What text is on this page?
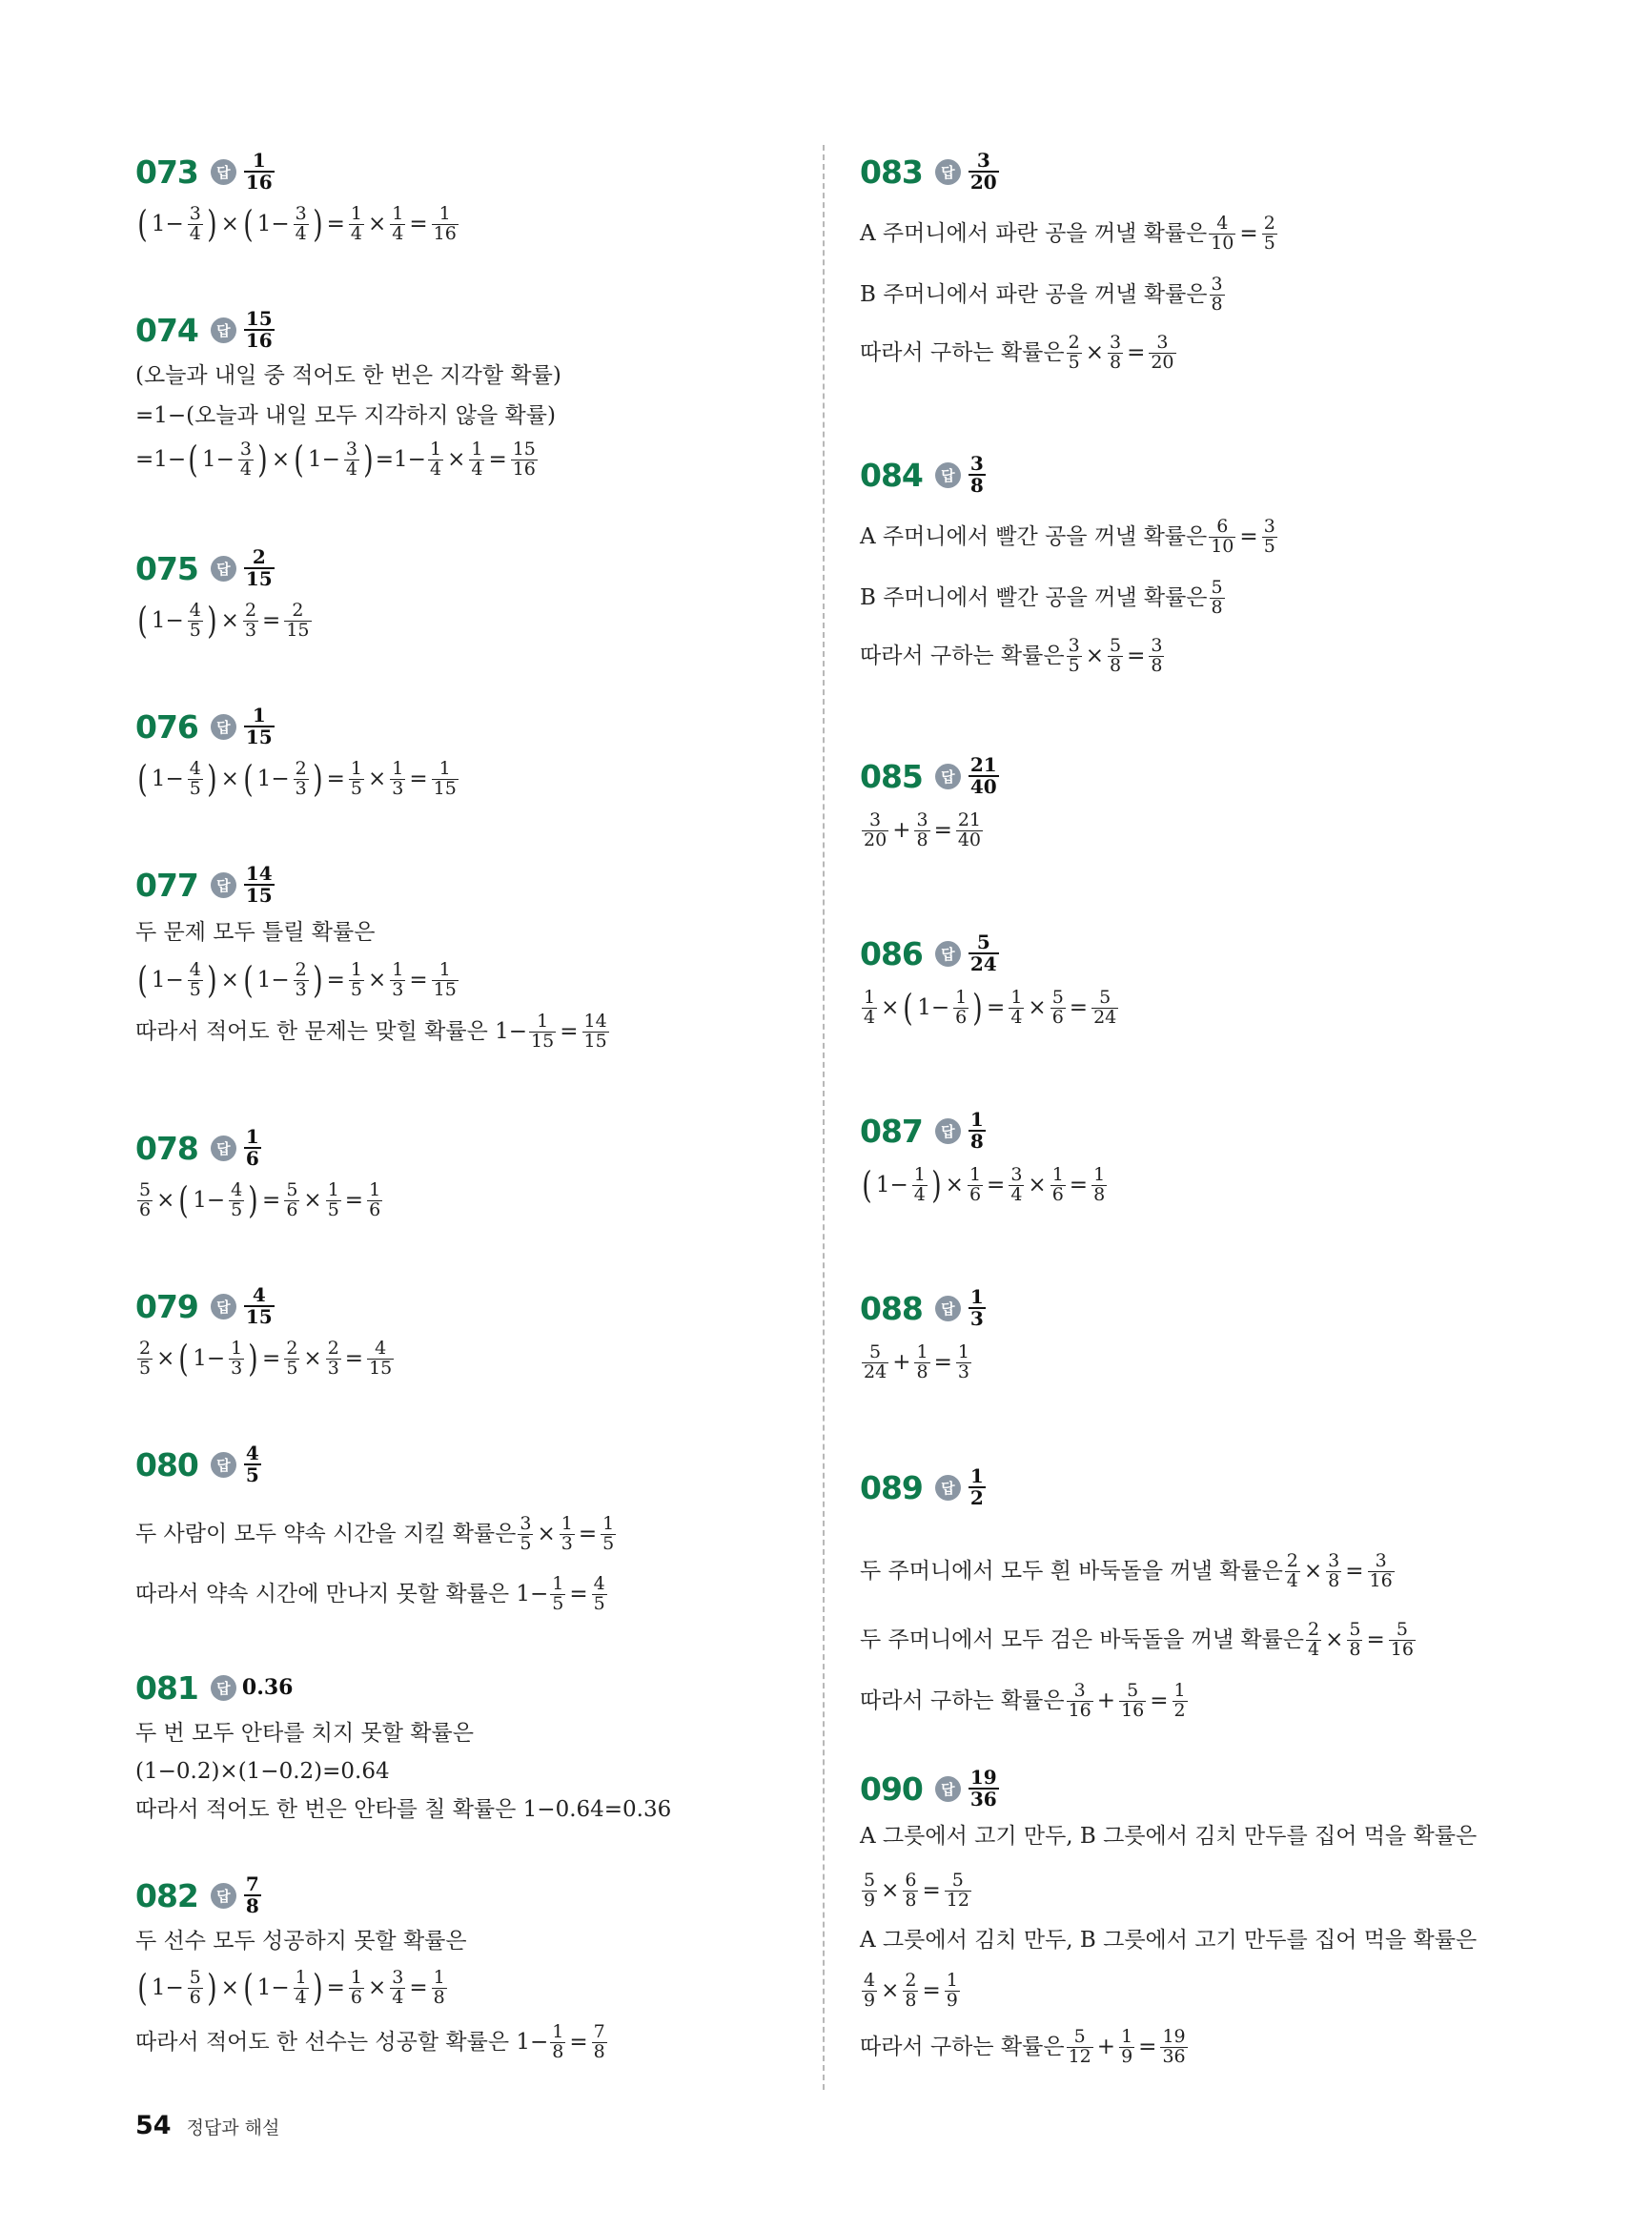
073	답 $\frac{1}{16}$
( $1- \frac{3}{4}$ ) × ( $1- \frac{3}{4}$ ) = $\frac{1}{4} \times \frac{1}{4} = \frac{1}{16}$
074	답 $\frac{15}{16}$
(오늘과 내일 중 적어도 한 번은 지각할 확률)
=1−(오늘과 내일 모두 지각하지 않을 확률)
=1− ( $1- \frac{3}{4}$ ) × ( $1- \frac{3}{4}$ ) $=1- \frac{1}{4} \times \frac{1}{4} = \frac{15}{16}$
075	답 $\frac{2}{15}$
( $1- \frac{4}{5}$ ) × $\frac{2}{3} = \frac{2}{15}$
076	답 $\frac{1}{15}$
( $1- \frac{4}{5}$ ) × ( $1- \frac{2}{3}$ ) = $\frac{1}{5} \times \frac{1}{3} = \frac{1}{15}$
077	답 $\frac{14}{15}$
두 문제 모두 틀릴 확률은
( $1- \frac{4}{5}$ ) × ( $1- \frac{2}{3}$ ) = $\frac{1}{5} \times \frac{1}{3} = \frac{1}{15}$
따라서 적어도 한 문제는 맞힐 확률은 $1- \frac{1}{15} = \frac{14}{15}$
078	답 $\frac{1}{6}$
$\frac{5}{6}$ × ( $1- \frac{4}{5}$ ) = $\frac{5}{6} \times \frac{1}{5} = \frac{1}{6}$
079	답 $\frac{4}{15}$
$\frac{2}{5}$ × ( $1- \frac{1}{3}$ ) = $\frac{2}{5} \times \frac{2}{3} = \frac{4}{15}$
080	답 $\frac{4}{5}$
두 사람이 모두 약속 시간을 지킬 확률은 $\frac{3}{5} \times \frac{1}{3} = \frac{1}{5}$
따라서 약속 시간에 만나지 못할 확률은 $1- \frac{1}{5} = \frac{4}{5}$
081	답 0.36
두 번 모두 안타를 치지 못할 확률은
(1−0.2)×(1−0.2)=0.64
따라서 적어도 한 번은 안타를 칠 확률은 1−0.64=0.36
082	답 $\frac{7}{8}$
두 선수 모두 성공하지 못할 확률은
( $1- \frac{5}{6}$ ) × ( $1- \frac{1}{4}$ ) = $\frac{1}{6} \times \frac{3}{4} = \frac{1}{8}$
따라서 적어도 한 선수는 성공할 확률은 $1- \frac{1}{8} = \frac{7}{8}$
083	답 $\frac{3}{20}$
A 주머니에서 파란 공을 꺼낼 확률은 $\frac{4}{10} = \frac{2}{5}$
B 주머니에서 파란 공을 꺼낼 확률은 $\frac{3}{8}$
따라서 구하는 확률은 $\frac{2}{5} \times \frac{3}{8} = \frac{3}{20}$
084	답 $\frac{3}{8}$
A 주머니에서 빨간 공을 꺼낼 확률은 $\frac{6}{10} = \frac{3}{5}$
B 주머니에서 빨간 공을 꺼낼 확률은 $\frac{5}{8}$
따라서 구하는 확률은 $\frac{3}{5} \times \frac{5}{8} = \frac{3}{8}$
085	답 $\frac{21}{40}$
$\frac{3}{20} + \frac{3}{8} = \frac{21}{40}$
086	답 $\frac{5}{24}$
$\frac{1}{4}$ × ( $1- \frac{1}{6}$ ) = $\frac{1}{4} \times \frac{5}{6} = \frac{5}{24}$
087	답 $\frac{1}{8}$
( $1- \frac{1}{4}$ ) × $\frac{1}{6} = \frac{3}{4} \times \frac{1}{6} = \frac{1}{8}$
088	답 $\frac{1}{3}$
$\frac{5}{24} + \frac{1}{8} = \frac{1}{3}$
089	답 $\frac{1}{2}$
두 주머니에서 모두 흰 바둑돌을 꺼낼 확률은 $\frac{2}{4} \times \frac{3}{8} = \frac{3}{16}$
두 주머니에서 모두 검은 바둑돌을 꺼낼 확률은 $\frac{2}{4} \times \frac{5}{8} = \frac{5}{16}$
따라서 구하는 확률은 $\frac{3}{16} + \frac{5}{16} = \frac{1}{2}$
090	답 $\frac{19}{36}$
A 그릇에서 고기 만두, B 그릇에서 김치 만두를 집어 먹을 확률은
$\frac{5}{9} \times \frac{6}{8} = \frac{5}{12}$
A 그릇에서 김치 만두, B 그릇에서 고기 만두를 집어 먹을 확률은
$\frac{4}{9} \times \frac{2}{8} = \frac{1}{9}$
따라서 구하는 확률은 $\frac{5}{12} + \frac{1}{9} = \frac{19}{36}$
54 정답과 해설
